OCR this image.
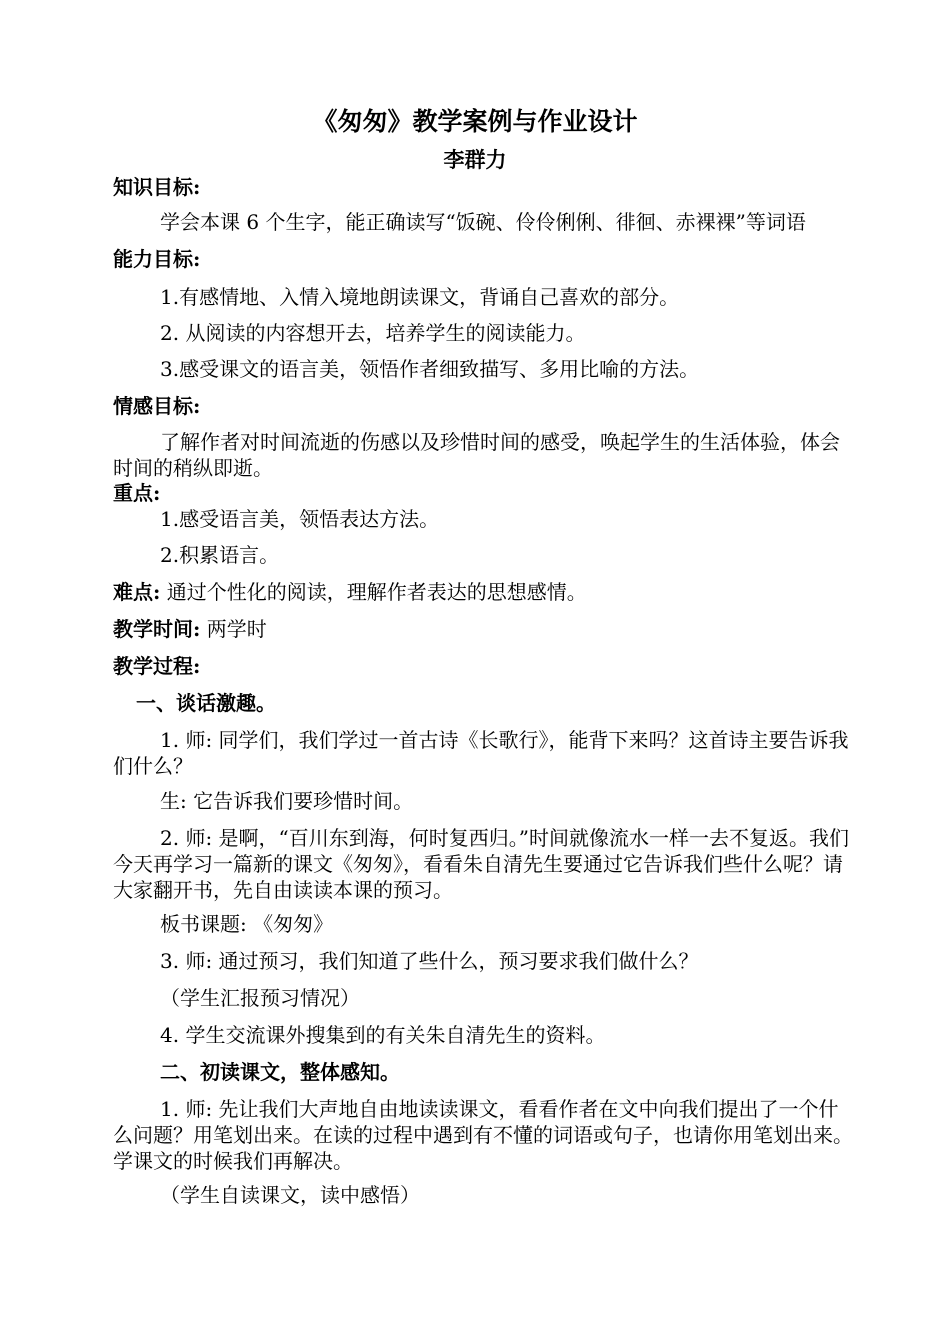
《匆匆》教学案例与作业设计
李群力
知识目标:
学会本课 6 个生字，能正确读写“饭碗、伶伶俐俐、徘徊、赤裸裸”等词语
能力目标:
1.有感情地、入情入境地朗读课文，背诵自己喜欢的部分。
2. 从阅读的内容想开去，培养学生的阅读能力。
3.感受课文的语言美，领悟作者细致描写、多用比喻的方法。
情感目标:
了解作者对时间流逝的伤感以及珍惜时间的感受，唤起学生的生活体验，体会时间的稍纵即逝。
重点:
1.感受语言美，领悟表达方法。
2.积累语言。
难点: 通过个性化的阅读，理解作者表达的思想感情。
教学时间: 两学时
教学过程:
一、谈话激趣。
1. 师: 同学们，我们学过一首古诗《长歌行》，能背下来吗？这首诗主要告诉我们什么？
生: 它告诉我们要珍惜时间。
2. 师: 是啊，“百川东到海，何时复西归。”时间就像流水一样一去不复返。我们今天再学习一篇新的课文《匆匆》，看看朱自清先生要通过它告诉我们些什么呢？请大家翻开书，先自由读读本课的预习。
板书课题: 《匆匆》
3. 师: 通过预习，我们知道了些什么，预习要求我们做什么？
（学生汇报预习情况）
4. 学生交流课外搜集到的有关朱自清先生的资料。
二、初读课文，整体感知。
1. 师: 先让我们大声地自由地读读课文，看看作者在文中向我们提出了一个什么问题？用笔划出来。在读的过程中遇到有不懂的词语或句子，也请你用笔划出来。学课文的时候我们再解决。
（学生自读课文，读中感悟）
